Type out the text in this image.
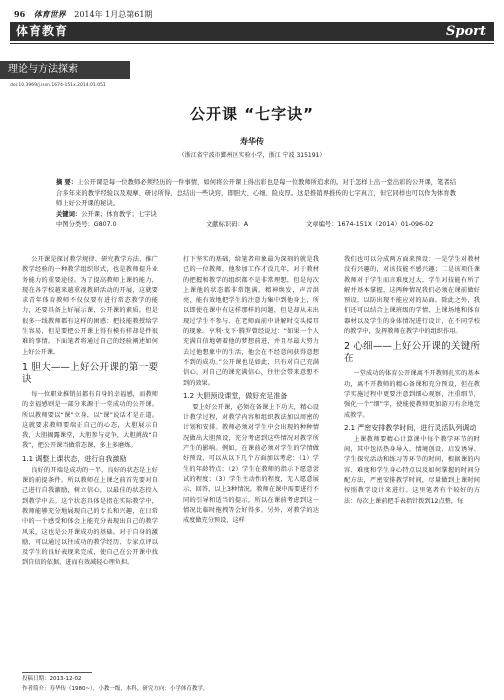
96 体育世界 2014年 1月总第61期
体育教育	Sport
理论与方法探索
doi:10.3969/j.issn.1674-151x.2014.01.051
公开课 “七字诀”
寿华传
（浙江省宁波市鄞州区实验小学，浙江 宁波 315191）
摘 要：上公开课是每一位教师必须经历的一件事情，如何将公开课上得出彩也是每一位教师所追求的。对于怎样上出一堂出彩的公开课，笔者结合多年来的教学经验以及观摩、研讨所得，总结出一些诀窍，即胆大、心细、险皮厚。这是推销界推传的七字真言，但它同样也可以作为体育教师上好公开课的秘诀。
关键词：公开课；体育教学；七字诀
中图分类号：G807.0	文献标识码：A	文章编号：1674-151X（2014）01-096-02

公开课是探讨教学规律、研究教学方法、推广教学经验的一种教学组织形式，也是教师提升业务能力的重要途径。为了提高教师上课的能力，现在各学校越来越重视教研活动的开展，这就要求青年体育教师不仅仅要有进行常态教学的能力，还要具备上好展示课、公开课的素质。但是很多一线教师都有这样的困惑：把技能教授给学生容易，但是要把公开课上得有模有样却是件很难的事情。下面笔者将通过自己的经验阐述如何上好公开课。

1 胆大——上好公开课的第一要诀

每一位职业推销员都有自身的幸福感，而教师的幸福感则是一部分来源于一堂成功的公开课。所以教师要以“课”立身，以“课”说话才是正道。这就要求教师要端正自己的心态，大胆展示自我，大胆揭露课堂，大胆参与竞争，大胆挑战“自我”，把公开课当做常态课，多上多磨炼。

1.1 调整上课状态，进行自我激励

良好的开端是成功的一半，良好的状态是上好课的前提条件。所以教师在上课之前首先要对自己进行自我激励，树立信心，以最佳的状态投入到教学中去。这个状态具体是指在实际教学中，教师能够充分地展现自己的专长和兴趣，在日常中的一个感受和体会上能充分表现出自己的教学风采，这也是公开课成功的基础。对于自身的激励，可以通过以往成功的教学经历、专家点评以及学生的良好表现来完成，使自己在公开课中找到自信的依据，进而有效减轻心理负担。

打下坚实的基础，给笔者印象最为深刻的就是我已的一位教师，他参加工作才没几年，对于教材的把握和教学的组织都不是非常理想，但是每次上课他的状态都非常饱满，精神焕发，声音洪亮，能有效地把学生的注意力集中到他身上，所以即使在课中有这样那样的问题，但是却从未出现过学生不参与、在老师面前中讲解时交头接耳的现象。亨利·戈下·腾罗曾经说过：“如果一个人充满自信地朝着他的梦想前进，并且尽最大努力去过他想象中的生活，他会在不经意间获得意想不到的成功。”公开课也是如此，只有对自己充满信心，对自己的课充满信心，往往会带来意想不到的效果。

1.2 大胆预设课堂，做好充足准备

要上好公开课，必须在备课上下功夫，精心设计教学过程，对教学内容和组织教法加以周密的计划和安排。教师必须对学生中会出现的种种情况做出大胆预设，充分考虑到这些情况对教学所产生的影响。例如，在课前必须对学生的学情做好预设，可以从以下几个方面加以考虑：（1）学生的年龄特点；（2）学生在教师的指示下愿意尝试的程度；（3）学生主动性的程度，无人愿意展示、回答，以上3种情况，教师在课中需要进行不同的引导和适当的提示，所以在课前考虑到这一情况比临时拖拽等会好得多。另外，对教学的达成度做充分预设，这样

我们也可以分成两方面来预设：一是学生对教材没有兴趣的，对该技能不感兴趣；二是该项任课教师对于学生而言难度过大，学生对技能有所了解并基本掌握，这两种情况我们必须在课前做好预设，以防出现不能应对的局面。除此之外，我们还可以结合上课班级的学情、上课场地和体育器材以及学生的身体情况进行设计，在不同学校的教学中，发挥教师在教学中的组织作用。

2 心细——上好公开课的关键所在

一堂成功的体育公开课离不开教师扎实的基本功，离不开教师的精心备课和充分预设，但在教学实施过程中更要注意到细心观察，注重细节，强化一个“细”字，使能使教师更加游刃有余地完成教学。

2.1 严密安排教学时间，进行灵活队列调动

上课教师要精心计算课中每个教学环节的时间，其中包括热身导入、情境创设、启发诱导、学生探究活动和练习等环节的时间，根据课的内容、难度和学生身心特点以及如何掌握的时间分配方法，严密安排教学时间，尽量做到上课时间按照教学设计来进行。这里笔者有个较好的方法：每次上课前把手表指针拨到12点整，每

投稿日期：2013-12-02
作者简介：寿华传（1980~），小教一级，本科，研究方向：小学体育教学。
